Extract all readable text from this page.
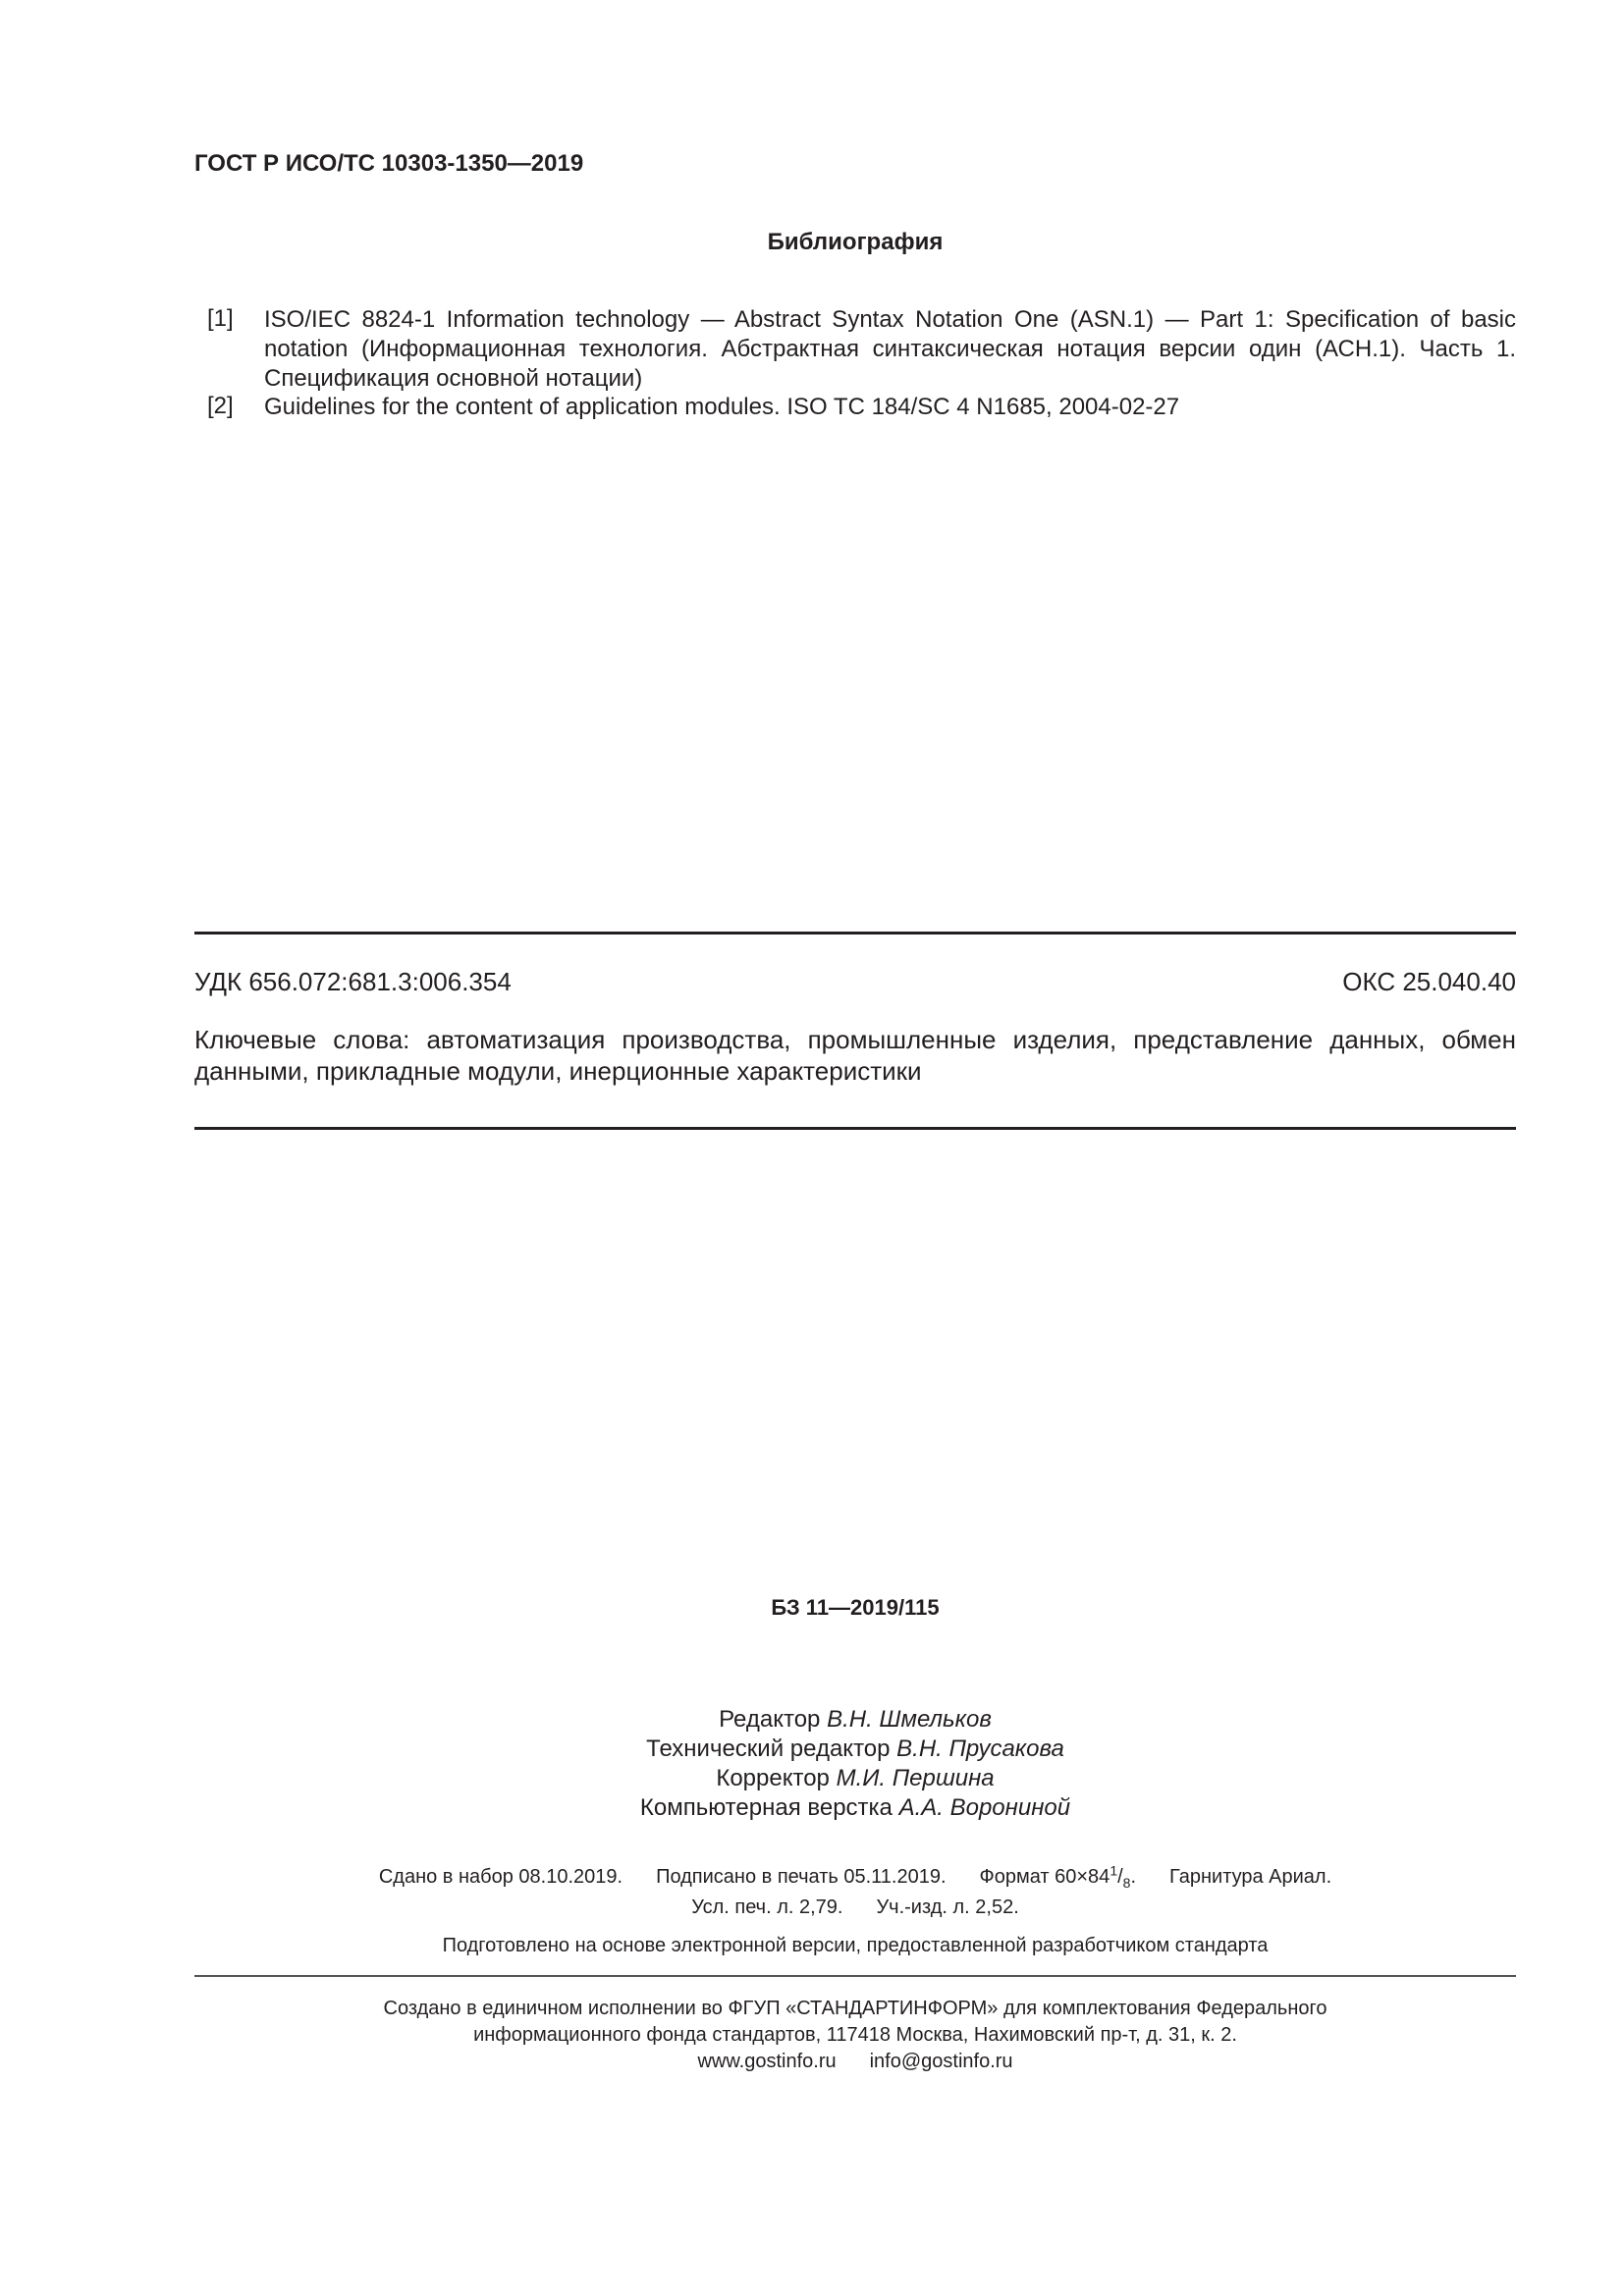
ГОСТ Р ИСО/ТС 10303-1350—2019
Библиография
[1] ISO/IEC 8824-1 Information technology — Abstract Syntax Notation One (ASN.1) — Part 1: Specification of basic notation (Информационная технология. Абстрактная синтаксическая нотация версии один (АСН.1). Часть 1. Спецификация основной нотации)
[2] Guidelines for the content of application modules. ISO TC 184/SC 4 N1685, 2004-02-27
УДК 656.072:681.3:006.354	ОКС 25.040.40
Ключевые слова: автоматизация производства, промышленные изделия, представление данных, обмен данными, прикладные модули, инерционные характеристики
БЗ 11—2019/115
Редактор В.Н. Шмельков
Технический редактор В.Н. Прусакова
Корректор М.И. Першина
Компьютерная верстка А.А. Ворониной
Сдано в набор 08.10.2019. Подписано в печать 05.11.2019. Формат $60\times 84^1/_8$. Гарнитура Ариал.
Усл. печ. л. 2,79. Уч.-изд. л. 2,52.
Подготовлено на основе электронной версии, предоставленной разработчиком стандарта
Создано в единичном исполнении во ФГУП «СТАНДАРТИНФОРМ» для комплектования Федерального
информационного фонда стандартов, 117418 Москва, Нахимовский пр-т, д. 31, к. 2.
www.gostinfo.ru info@gostinfo.ru
